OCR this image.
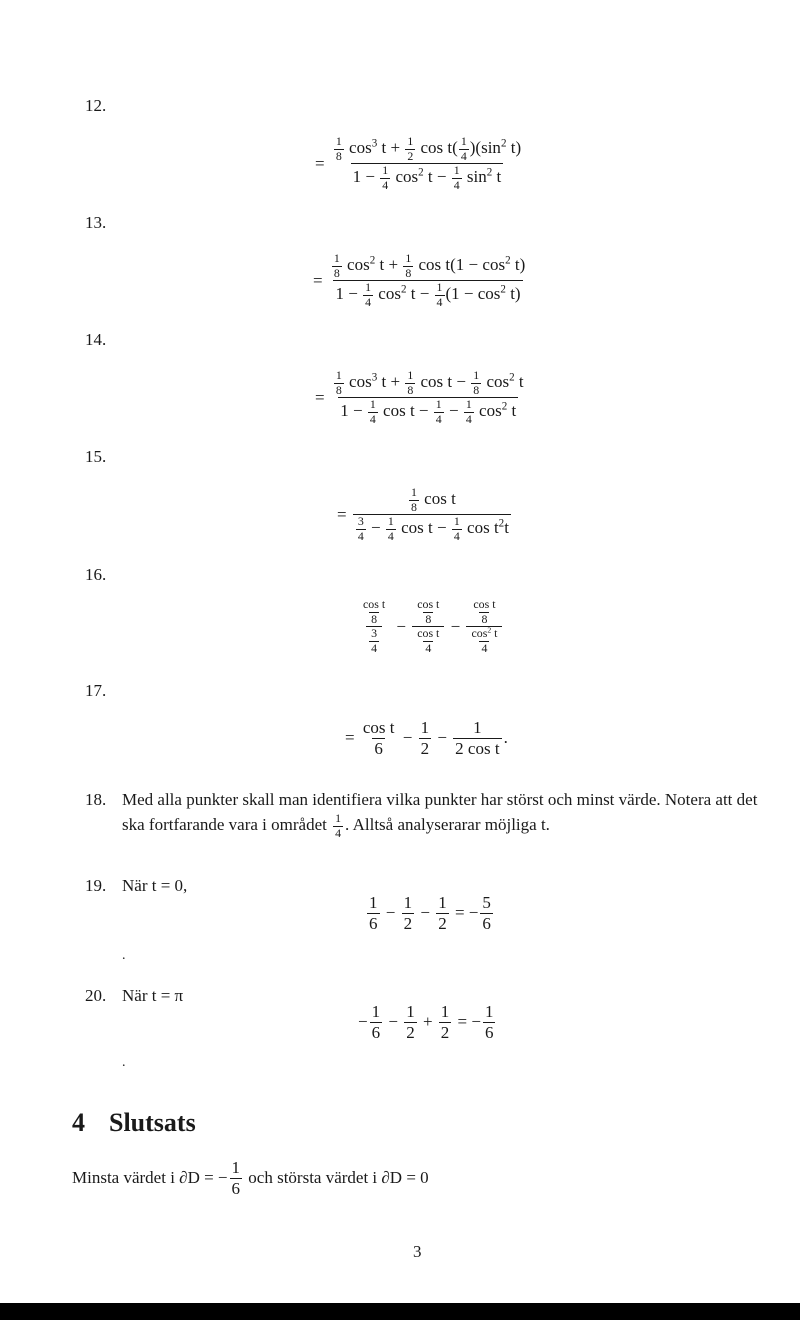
12.
= $\frac{\frac{1}{8} \cos^3 t + \frac{1}{2} \cos t( \frac{1}{4} )(\sin^2 t)}{1 - \frac{1}{4} \cos^2 t - \frac{1}{4} \sin^2 t}$
13.
= $\frac{\frac{1}{8} \cos^2 t + \frac{1}{8} \cos t(1 - \cos^2 t)}{1 - \frac{1}{4} \cos^2 t - \frac{1}{4} (1 - \cos^2 t)}$
14.
= $\frac{\frac{1}{8} \cos^3 t + \frac{1}{8} \cos t - \frac{1}{8} \cos^2 t}{1 - \frac{1}{4} \cos t - \frac{1}{4} - \frac{1}{4} \cos^2 t}$
15.
= $\frac{\frac{1}{8} \cos t}{\frac{3}{4} - \frac{1}{4} \cos t - \frac{1}{4} \cos t^2t}$
16.
$\frac{\frac{\text{cos t}}{8}}{\frac{3}{4}} - \frac{\frac{\text{cos t}}{8}}{\frac{\text{cos t}}{4}} - \frac{\frac{\text{cos t}}{8}}{\frac{\cos^2 t}{4}}$
17.
= $\frac{\text{cos t}}{6} - \frac{1}{2} - \frac{1}{\text{2 cos t}}$ .
18. Med alla punkter skall man identifiera vilka punkter har störst och minst värde. Notera att det ska fortfarande vara i området $\frac{1}{4}$ . Alltså analyserarar möjliga t.
19. När t = 0,
$\frac{1}{6} - \frac{1}{2} - \frac{1}{2}$ = − $\frac{5}{6}$
.
20. När t = π
− $\frac{1}{6} - \frac{1}{2} + \frac{1}{2}$ = − $\frac{1}{6}$
.
4 Slutsats
Minsta värdet i ∂D = − $\frac{1}{6}$ och största värdet i ∂D = 0
3
